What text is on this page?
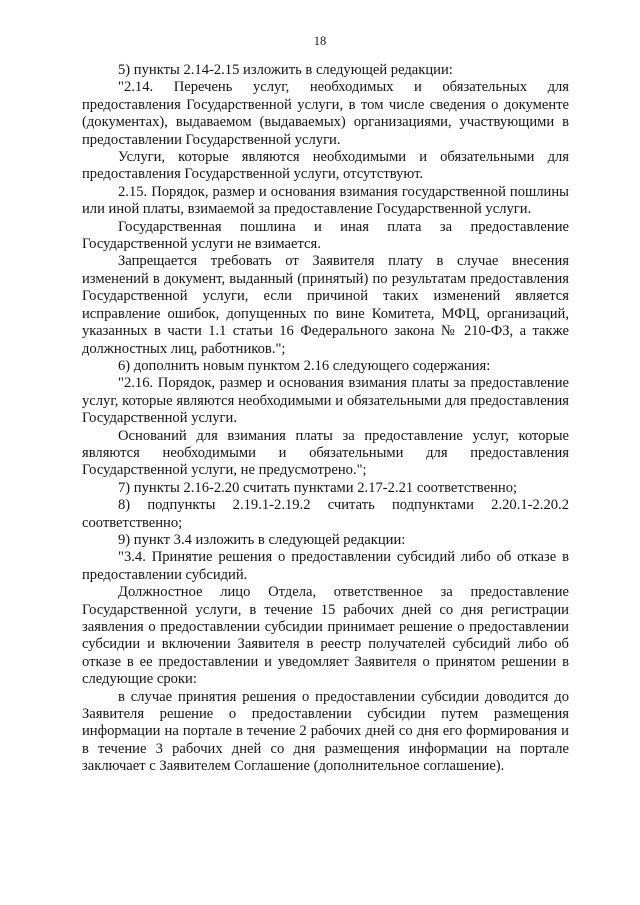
18

5) пункты 2.14-2.15 изложить в следующей редакции:

"2.14. Перечень услуг, необходимых и обязательных для предоставления Государственной услуги, в том числе сведения о документе (документах), выдаваемом (выдаваемых) организациями, участвующими в предоставлении Государственной услуги.

Услуги, которые являются необходимыми и обязательными для предоставления Государственной услуги, отсутствуют.

2.15. Порядок, размер и основания взимания государственной пошлины или иной платы, взимаемой за предоставление Государственной услуги.

Государственная пошлина и иная плата за предоставление Государственной услуги не взимается.

Запрещается требовать от Заявителя плату в случае внесения изменений в документ, выданный (принятый) по результатам предоставления Государственной услуги, если причиной таких изменений является исправление ошибок, допущенных по вине Комитета, МФЦ, организаций, указанных в части 1.1 статьи 16 Федерального закона № 210-ФЗ, а также должностных лиц, работников.";

6) дополнить новым пунктом 2.16 следующего содержания:

"2.16. Порядок, размер и основания взимания платы за предоставление услуг, которые являются необходимыми и обязательными для предоставления Государственной услуги.

Оснований для взимания платы за предоставление услуг, которые являются необходимыми и обязательными для предоставления Государственной услуги, не предусмотрено.";

7) пункты 2.16-2.20 считать пунктами 2.17-2.21 соответственно;

8) подпункты 2.19.1-2.19.2 считать подпунктами 2.20.1-2.20.2 соответственно;

9) пункт 3.4 изложить в следующей редакции:

"3.4. Принятие решения о предоставлении субсидий либо об отказе в предоставлении субсидий.

Должностное лицо Отдела, ответственное за предоставление Государственной услуги, в течение 15 рабочих дней со дня регистрации заявления о предоставлении субсидии принимает решение о предоставлении субсидии и включении Заявителя в реестр получателей субсидий либо об отказе в ее предоставлении и уведомляет Заявителя о принятом решении в следующие сроки:

в случае принятия решения о предоставлении субсидии доводится до Заявителя решение о предоставлении субсидии путем размещения информации на портале в течение 2 рабочих дней со дня его формирования и в течение 3 рабочих дней со дня размещения информации на портале заключает с Заявителем Соглашение (дополнительное соглашение).
